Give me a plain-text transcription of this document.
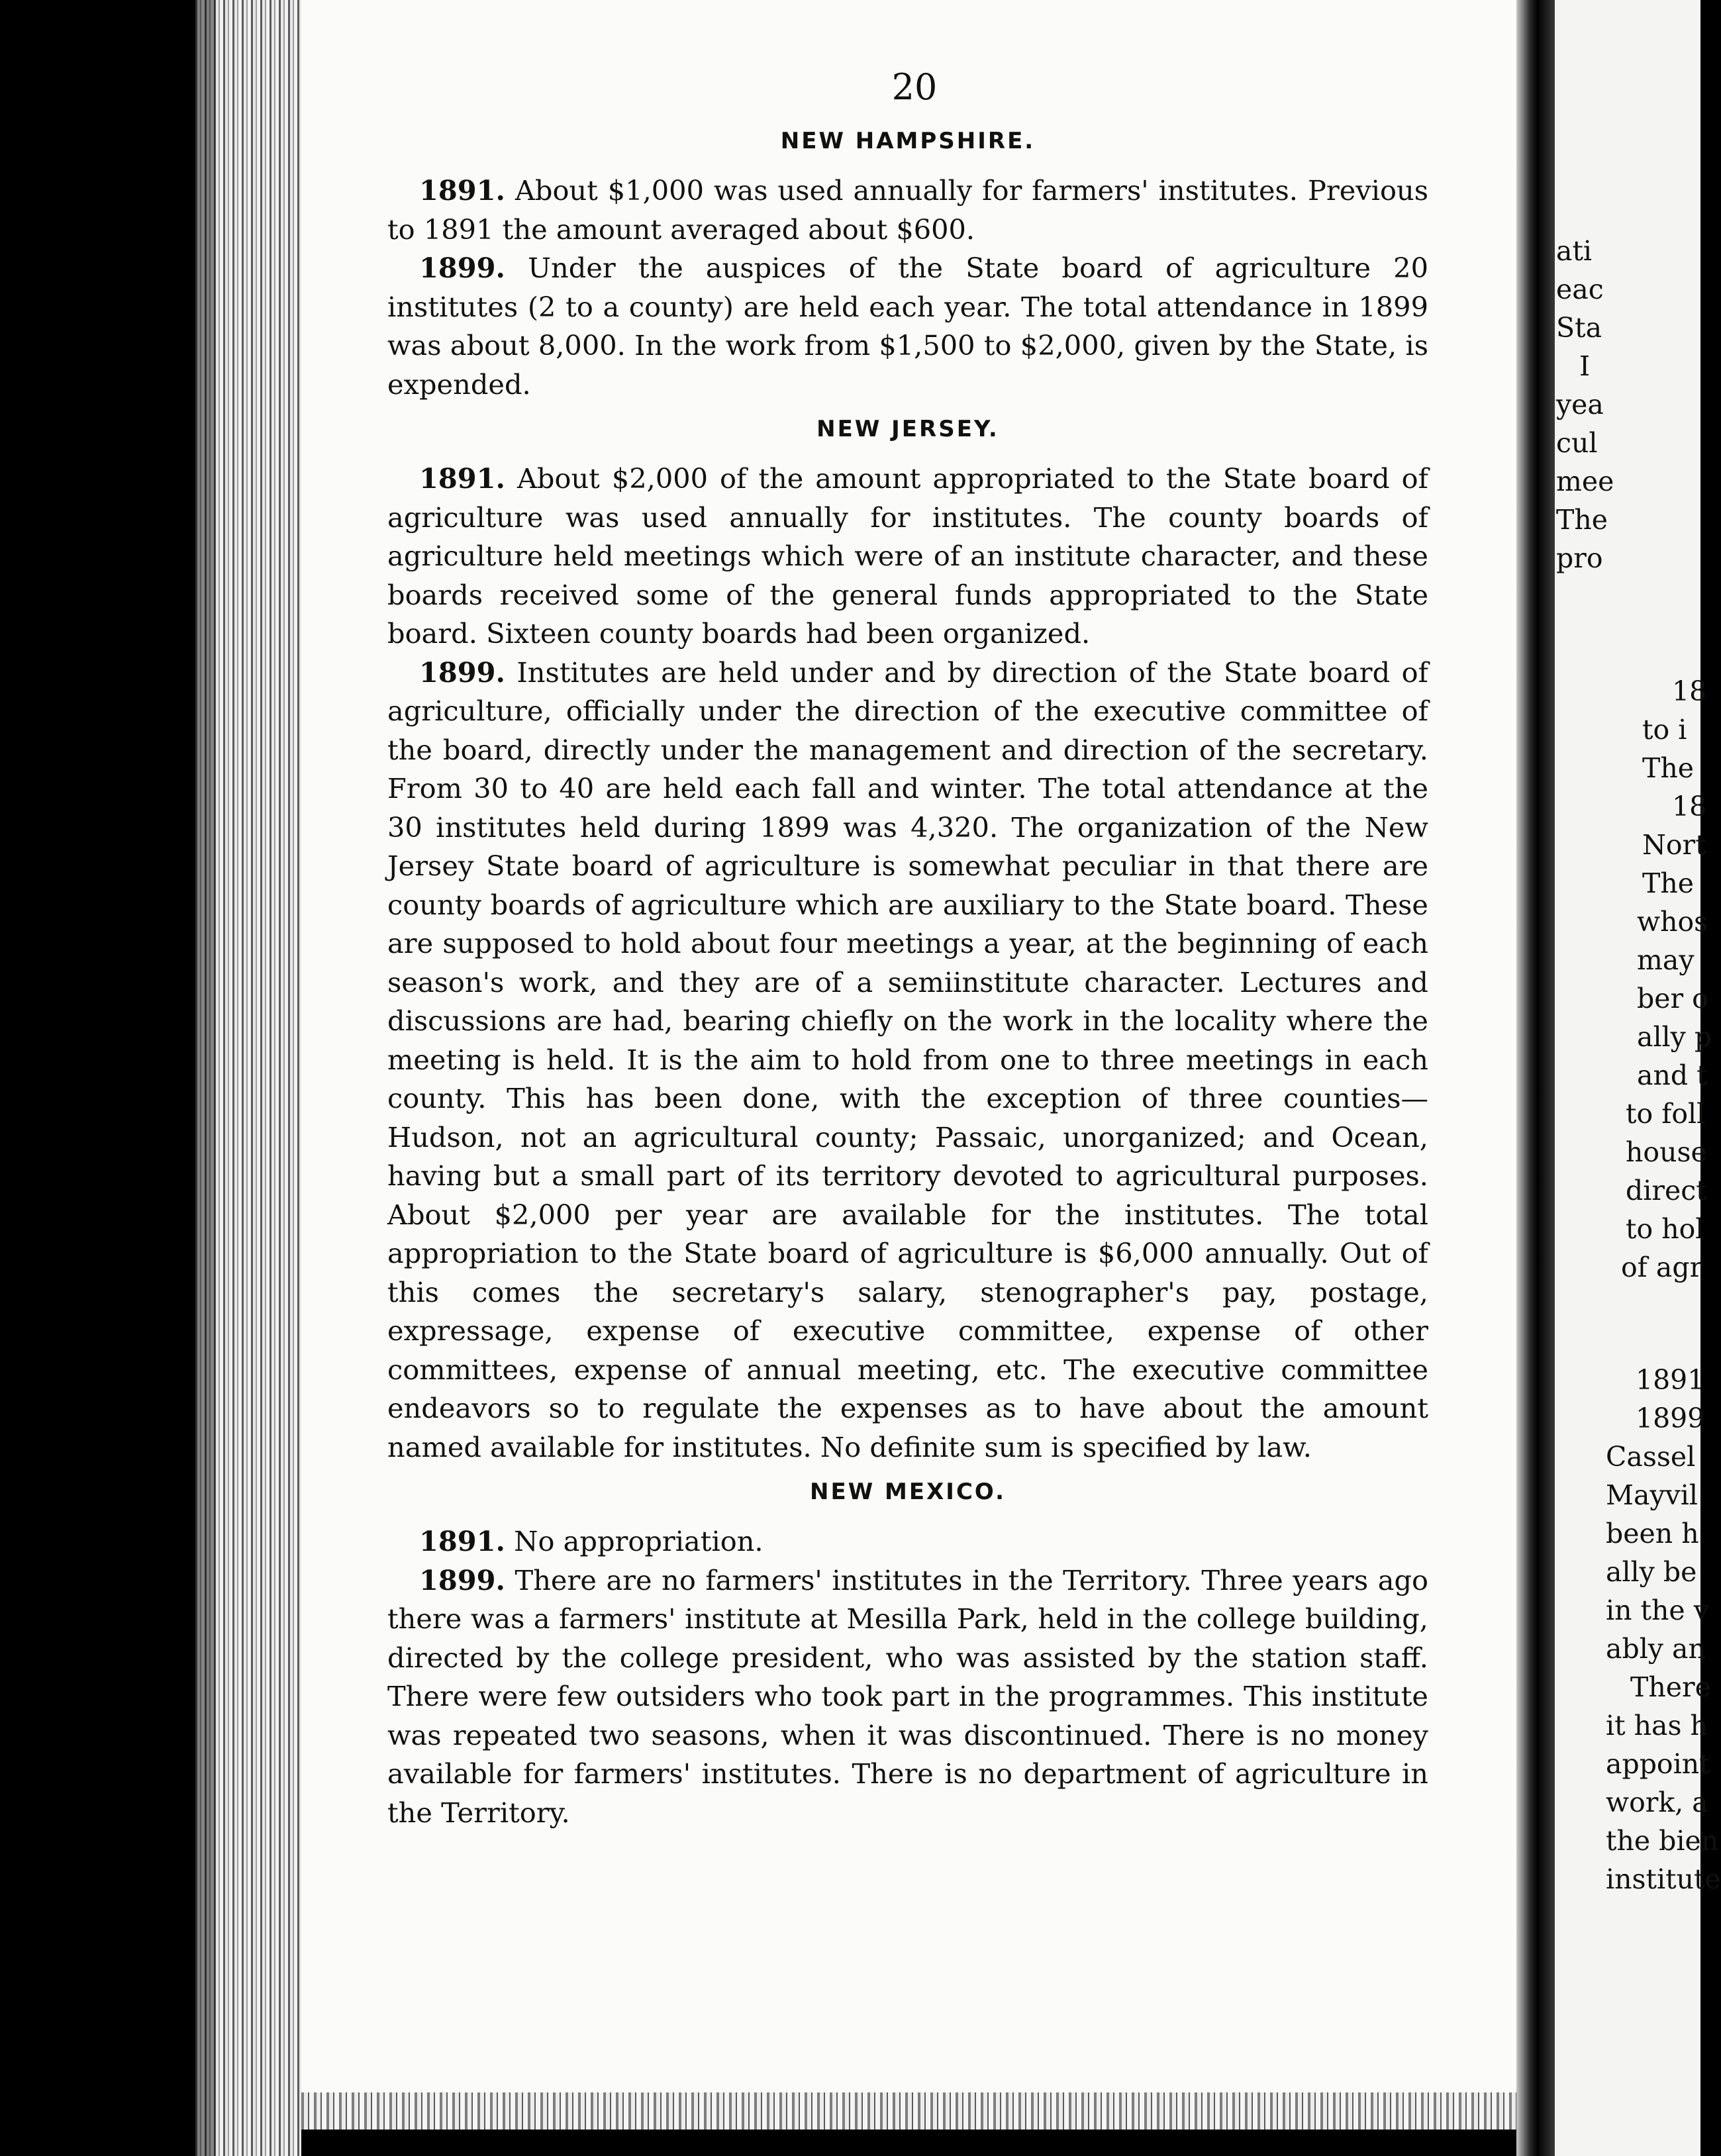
20
NEW HAMPSHIRE.

1891. About $1,000 was used annually for farmers' institutes. Previous to 1891 the amount averaged about $600.

1899. Under the auspices of the State board of agriculture 20 institutes (2 to a county) are held each year. The total attendance in 1899 was about 8,000. In the work from $1,500 to $2,000, given by the State, is expended.

NEW JERSEY.

1891. About $2,000 of the amount appropriated to the State board of agriculture was used annually for institutes. The county boards of agriculture held meetings which were of an institute character, and these boards received some of the general funds appropriated to the State board. Sixteen county boards had been organized.

1899. Institutes are held under and by direction of the State board of agriculture, officially under the direction of the executive committee of the board, directly under the management and direction of the secretary. From 30 to 40 are held each fall and winter. The total attendance at the 30 institutes held during 1899 was 4,320. The organization of the New Jersey State board of agriculture is somewhat peculiar in that there are county boards of agriculture which are auxiliary to the State board. These are supposed to hold about four meetings a year, at the beginning of each season's work, and they are of a semiinstitute character. Lectures and discussions are had, bearing chiefly on the work in the locality where the meeting is held. It is the aim to hold from one to three meetings in each county. This has been done, with the exception of three counties—Hudson, not an agricultural county; Passaic, unorganized; and Ocean, having but a small part of its territory devoted to agricultural purposes. About $2,000 per year are available for the institutes. The total appropriation to the State board of agriculture is $6,000 annually. Out of this comes the secretary's salary, stenographer's pay, postage, expressage, expense of executive committee, expense of other committees, expense of annual meeting, etc. The executive committee endeavors so to regulate the expenses as to have about the amount named available for institutes. No definite sum is specified by law.

NEW MEXICO.

1891. No appropriation.

1899. There are no farmers' institutes in the Territory. Three years ago there was a farmers' institute at Mesilla Park, held in the college building, directed by the college president, who was assisted by the station staff. There were few outsiders who took part in the programmes. This institute was repeated two seasons, when it was discontinued. There is no money available for farmers' institutes. There is no department of agriculture in the Territory.

ati
eac
Sta
I
yea
cul
mee
The
pro
18
to i
The
18
Nort
The
whos
may
ber o
ally p
and t
to foll
house
direct
to hol
of agr
1891
1899
Cassel
Mayvil
been h
ally be
in the v
ably an
There
it has h
appoint
work, a
the bien
institute
